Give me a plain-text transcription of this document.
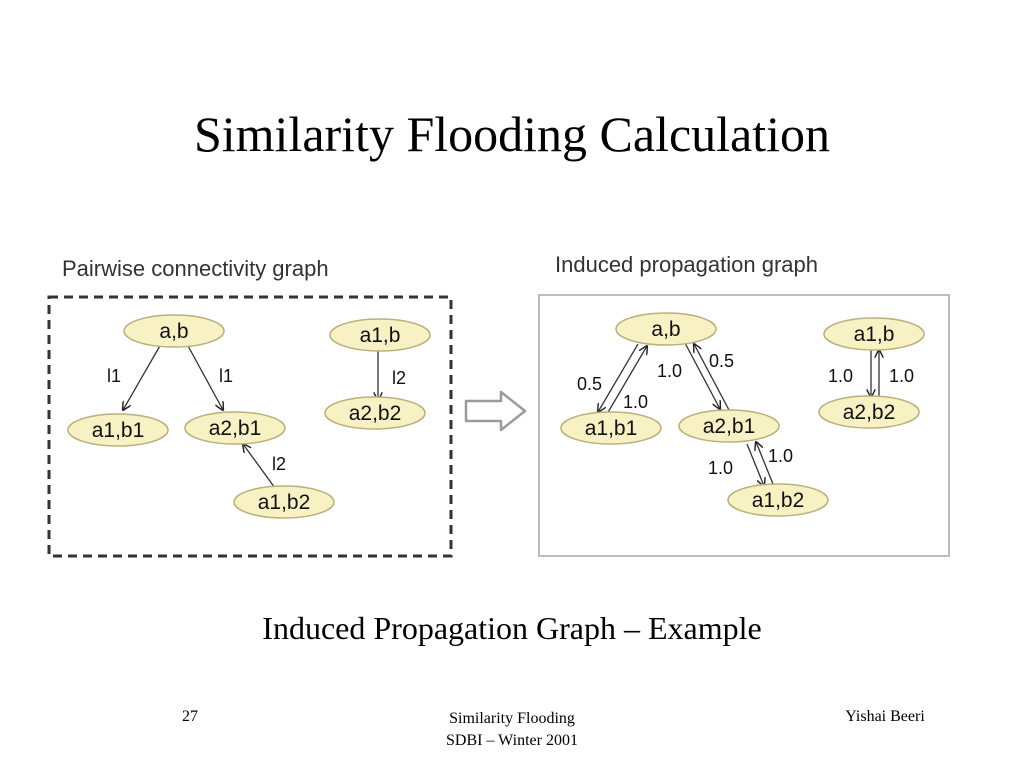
Similarity Flooding Calculation
Pairwise connectivity graph
l1	l1	l2
l2
a,b
a1,b1	a2,b1
a1,b2
a1,b
a2,b2
Induced propagation graph
0.5
1.0
1.0 0.5
1.0
1.0
1.0 1.0
a,b
a1,b1	a2,b1
a1,b2
a1,b
a2,b2
Induced Propagation Graph – Example
27	Similarity Flooding
SDBI – Winter 2001
Yishai Beeri
